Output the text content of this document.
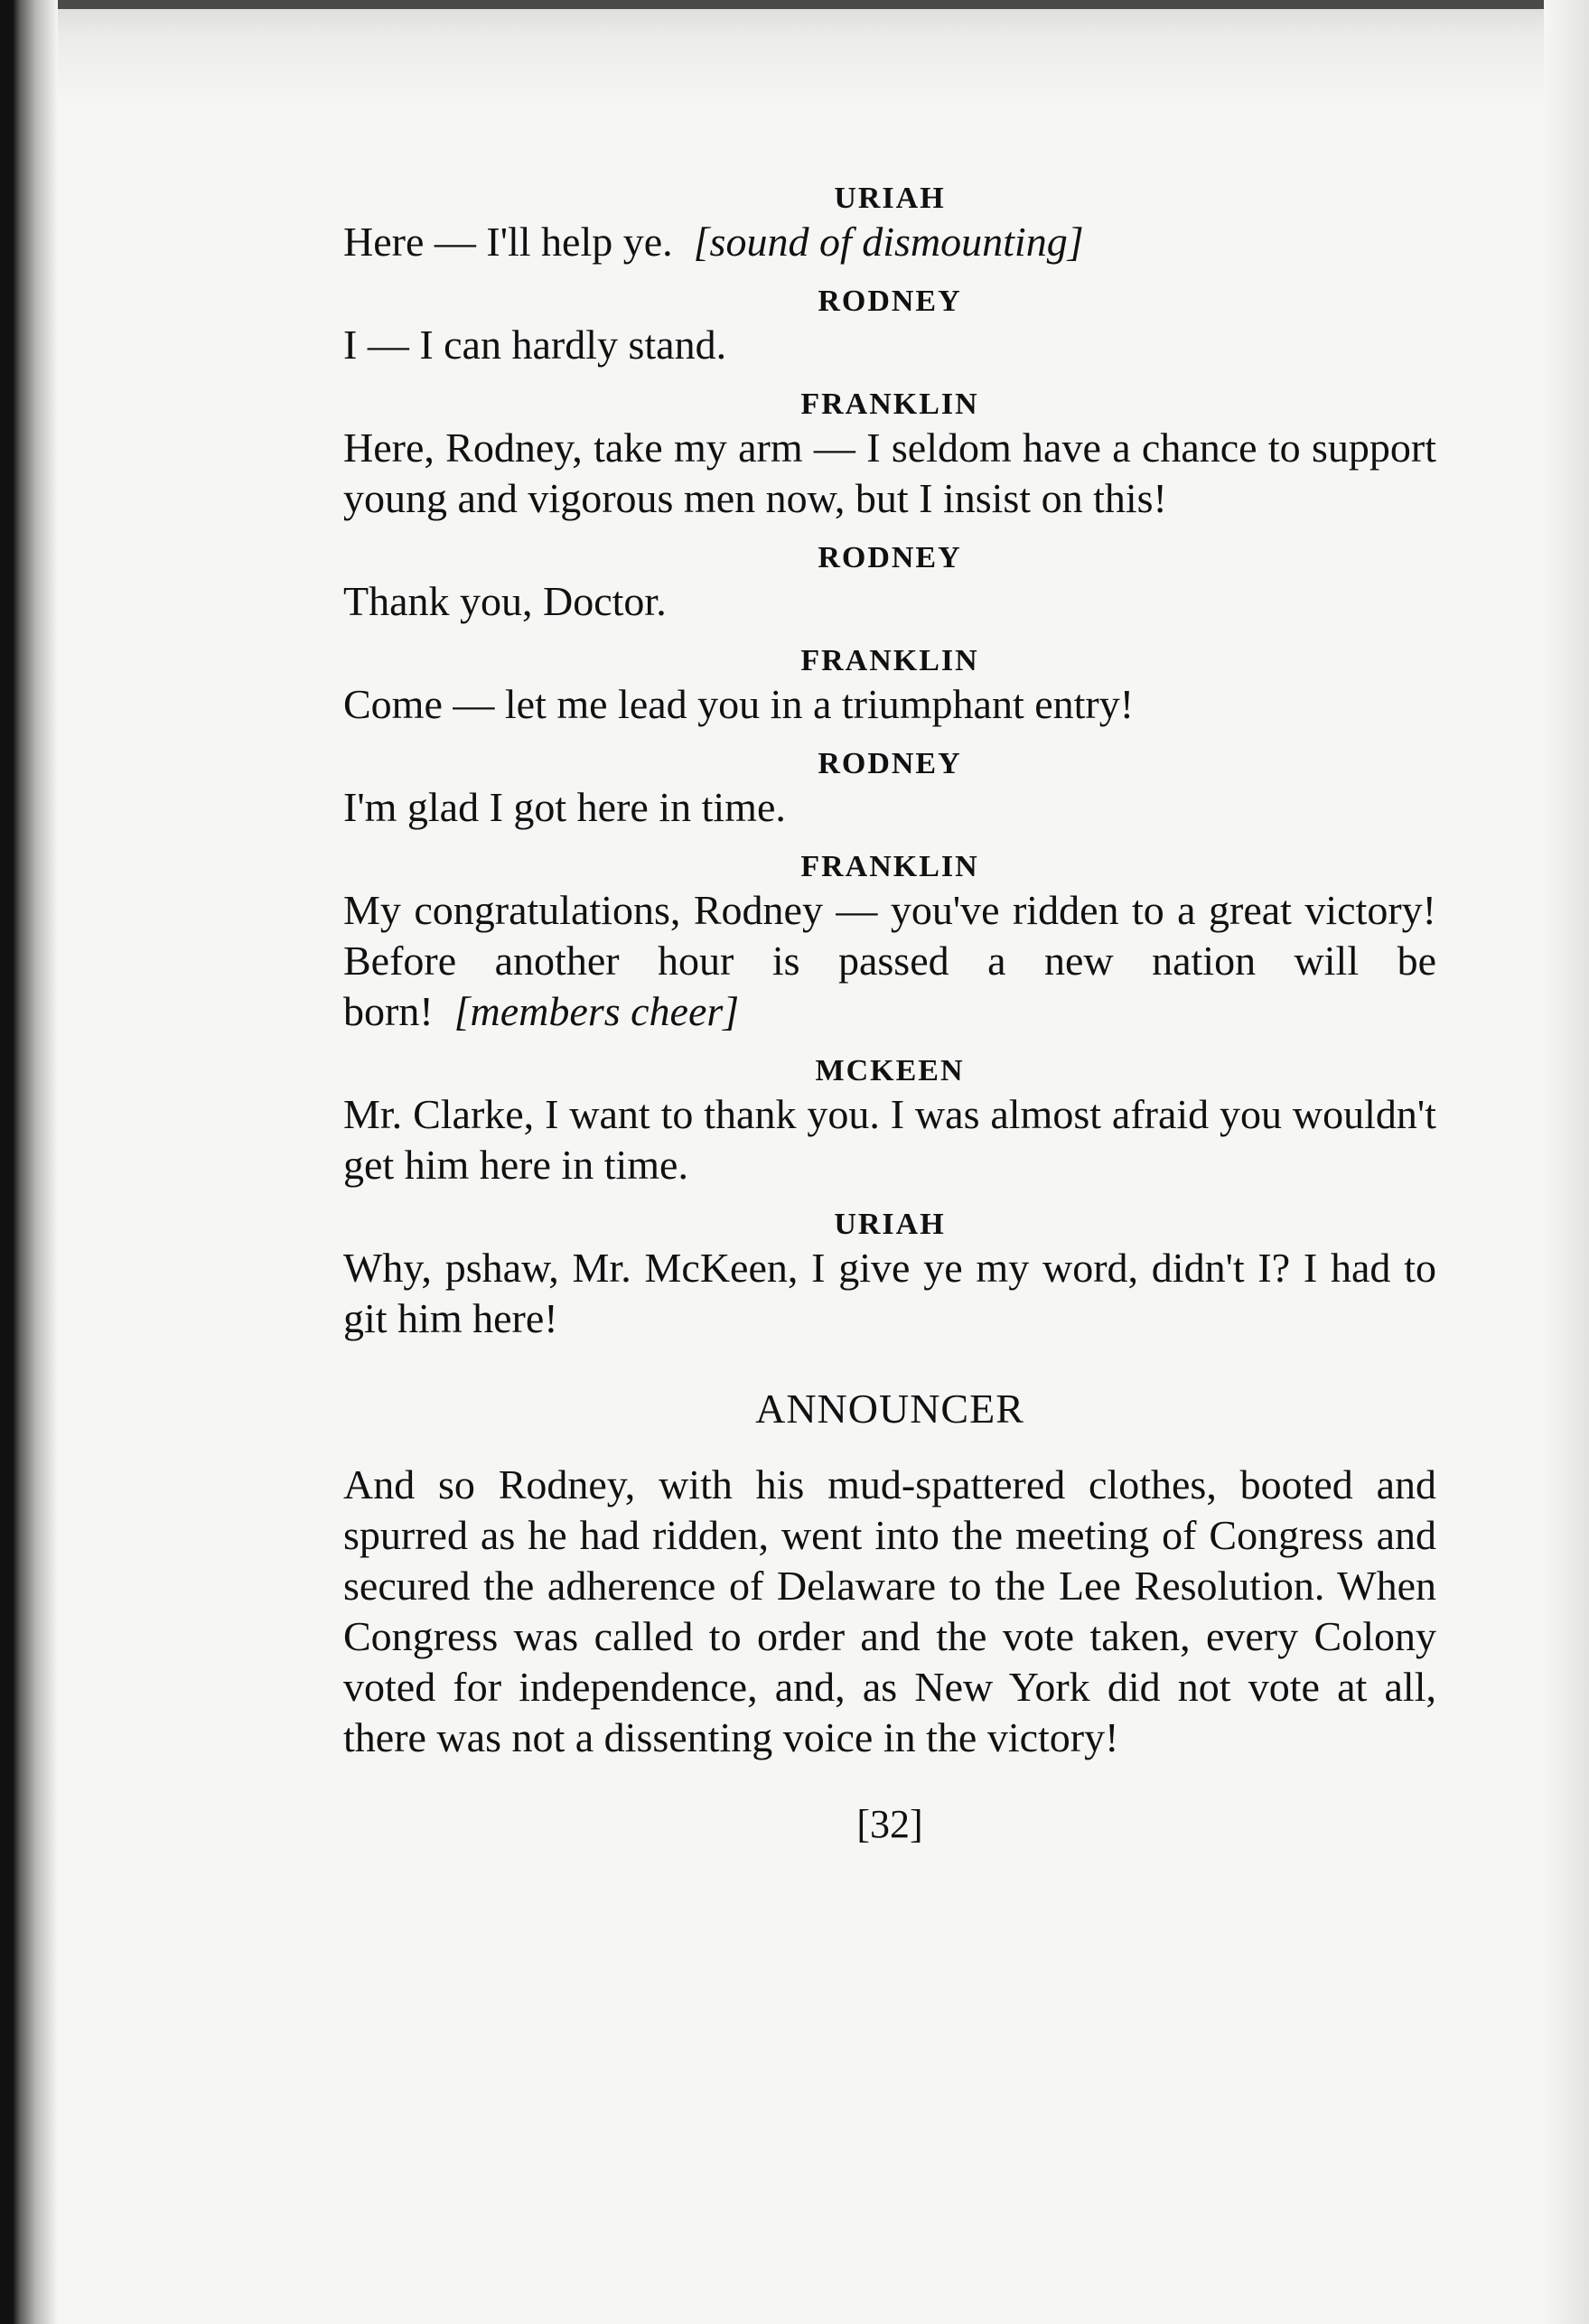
URIAH

Here — I'll help ye. [sound of dismounting]

RODNEY

I — I can hardly stand.

FRANKLIN

Here, Rodney, take my arm — I seldom have a chance to support young and vigorous men now, but I insist on this!

RODNEY

Thank you, Doctor.

FRANKLIN

Come — let me lead you in a triumphant entry!

RODNEY

I'm glad I got here in time.

FRANKLIN

My congratulations, Rodney — you've ridden to a great victory! Before another hour is passed a new nation will be born! [members cheer]

MCKEEN

Mr. Clarke, I want to thank you. I was almost afraid you wouldn't get him here in time.

URIAH

Why, pshaw, Mr. McKeen, I give ye my word, didn't I? I had to git him here!

ANNOUNCER

And so Rodney, with his mud-spattered clothes, booted and spurred as he had ridden, went into the meeting of Congress and secured the adherence of Delaware to the Lee Resolution. When Congress was called to order and the vote taken, every Colony voted for independence, and, as New York did not vote at all, there was not a dissenting voice in the victory!

[32]
